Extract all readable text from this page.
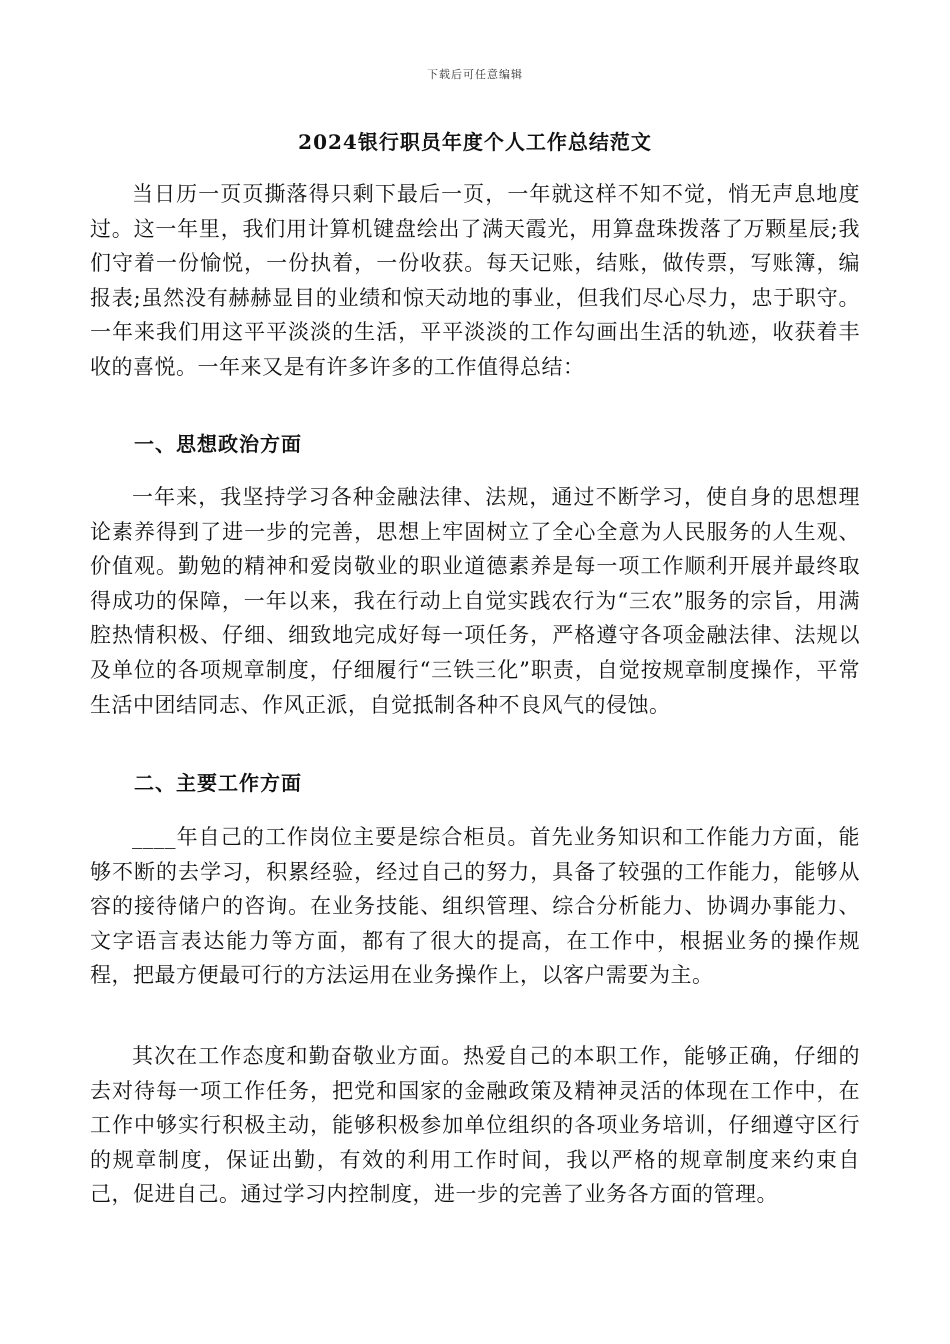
下载后可任意编辑
2024银行职员年度个人工作总结范文

当日历一页页撕落得只剩下最后一页，一年就这样不知不觉，悄无声息地度过。这一年里，我们用计算机键盘绘出了满天霞光，用算盘珠拨落了万颗星辰;我们守着一份愉悦，一份执着，一份收获。每天记账，结账，做传票，写账簿，编报表;虽然没有赫赫显目的业绩和惊天动地的事业，但我们尽心尽力，忠于职守。一年来我们用这平平淡淡的生活，平平淡淡的工作勾画出生活的轨迹，收获着丰收的喜悦。一年来又是有许多许多的工作值得总结：

一、思想政治方面

一年来，我坚持学习各种金融法律、法规，通过不断学习，使自身的思想理论素养得到了进一步的完善，思想上牢固树立了全心全意为人民服务的人生观、价值观。勤勉的精神和爱岗敬业的职业道德素养是每一项工作顺利开展并最终取得成功的保障，一年以来，我在行动上自觉实践农行为“三农”服务的宗旨，用满腔热情积极、仔细、细致地完成好每一项任务，严格遵守各项金融法律、法规以及单位的各项规章制度，仔细履行“三铁三化”职责，自觉按规章制度操作，平常生活中团结同志、作风正派，自觉抵制各种不良风气的侵蚀。

二、主要工作方面

____年自己的工作岗位主要是综合柜员。首先业务知识和工作能力方面，能够不断的去学习，积累经验，经过自己的努力，具备了较强的工作能力，能够从容的接待储户的咨询。在业务技能、组织管理、综合分析能力、协调办事能力、文字语言表达能力等方面，都有了很大的提高，在工作中，根据业务的操作规程，把最方便最可行的方法运用在业务操作上，以客户需要为主。

其次在工作态度和勤奋敬业方面。热爱自己的本职工作，能够正确，仔细的去对待每一项工作任务，把党和国家的金融政策及精神灵活的体现在工作中，在工作中够实行积极主动，能够积极参加单位组织的各项业务培训，仔细遵守区行的规章制度，保证出勤，有效的利用工作时间，我以严格的规章制度来约束自己，促进自己。通过学习内控制度，进一步的完善了业务各方面的管理。
